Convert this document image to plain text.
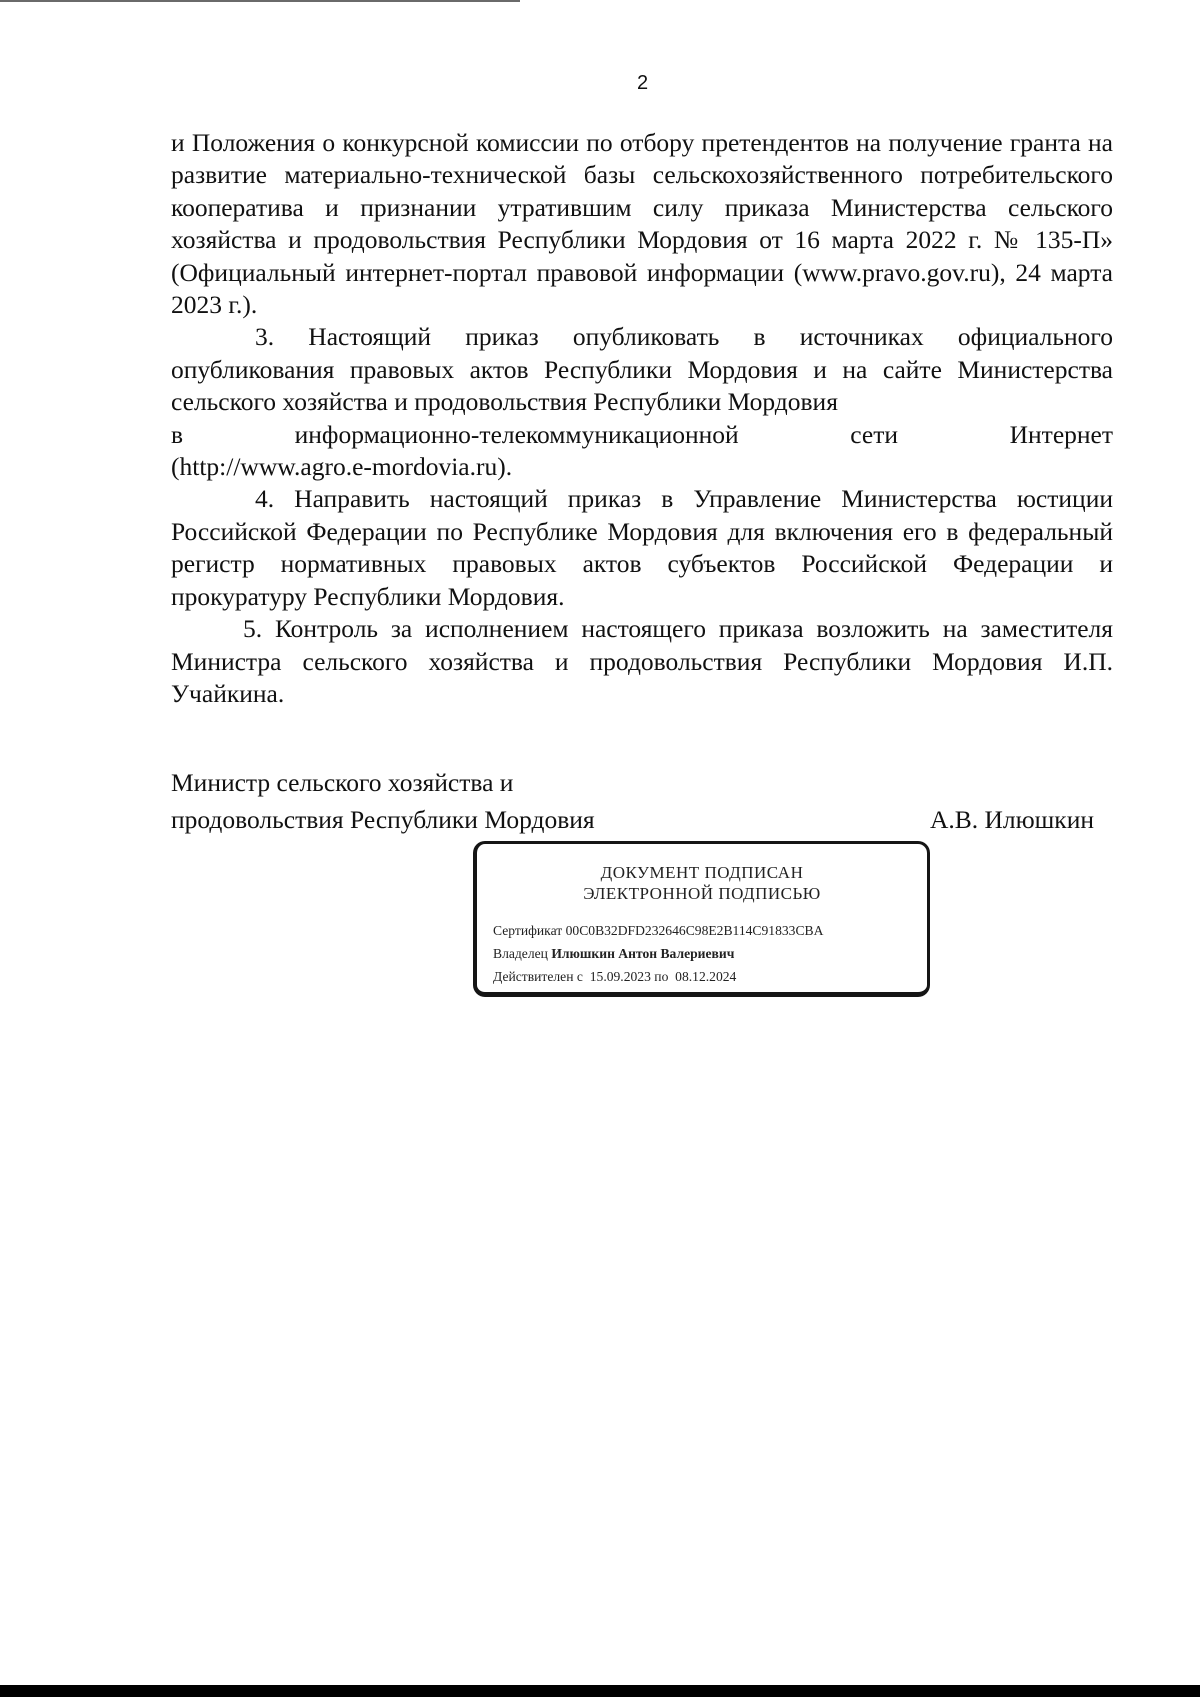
2

и Положения о конкурсной комиссии по отбору претендентов на получение гранта на развитие материально-технической базы сельскохозяйственного потребительского кооператива и признании утратившим силу приказа Министерства сельского хозяйства и продовольствия Республики Мордовия от 16 марта 2022 г. № 135-П» (Официальный интернет-портал правовой информации (www.pravo.gov.ru), 24 марта 2023 г.).

3. Настоящий приказ опубликовать в источниках официального опубликования правовых актов Республики Мордовия и на сайте Министерства сельского хозяйства и продовольствия Республики Мордовия

в	информационно-телекоммуникационной	сети	Интернет

(http://www.agro.e-mordovia.ru).

4. Направить настоящий приказ в Управление Министерства юстиции Российской Федерации по Республике Мордовия для включения его в федеральный регистр нормативных правовых актов субъектов Российской Федерации и прокуратуру Республики Мордовия.

5. Контроль за исполнением настоящего приказа возложить на заместителя Министра сельского хозяйства и продовольствия Республики Мордовия И.П. Учайкина.

Министр сельского хозяйства и
продовольствия Республики Мордовия	А.В. Илюшкин
ДОКУМЕНТ ПОДПИСАН
ЭЛЕКТРОННОЙ ПОДПИСЬЮ
Сертификат 00C0B32DFD232646C98E2B114C91833CBA
Владелец Илюшкин Антон Валериевич
Действителен с 15.09.2023 по 08.12.2024
